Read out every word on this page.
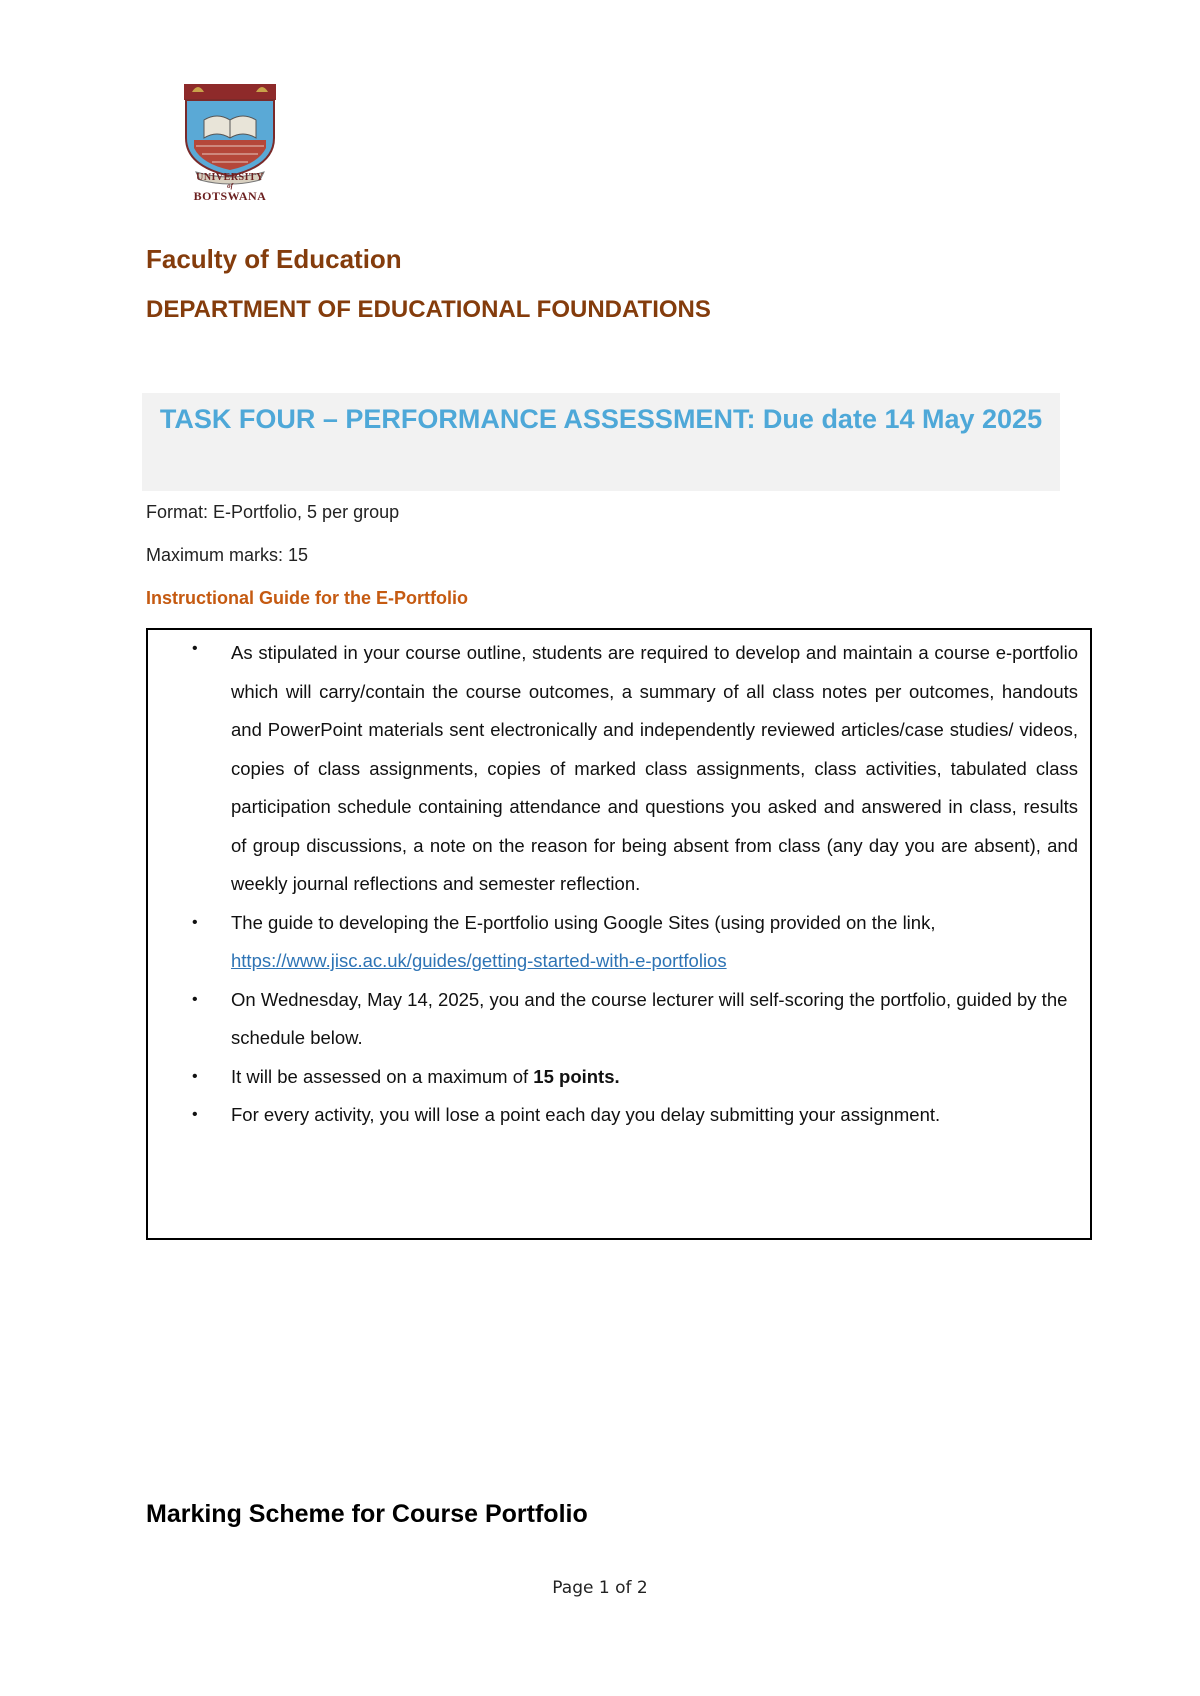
UNIVERSITY
of
BOTSWANA
Faculty of Education
DEPARTMENT OF EDUCATIONAL FOUNDATIONS
TASK FOUR – PERFORMANCE ASSESSMENT: Due date 14 May 2025
Format: E-Portfolio, 5 per group
Maximum marks: 15
Instructional Guide for the E-Portfolio
• As stipulated in your course outline, students are required to develop and maintain a course e-portfolio which will carry/contain the course outcomes, a summary of all class notes per outcomes, handouts and PowerPoint materials sent electronically and independently reviewed articles/case studies/ videos, copies of class assignments, copies of marked class assignments, class activities, tabulated class participation schedule containing attendance and questions you asked and answered in class, results of group discussions, a note on the reason for being absent from class (any day you are absent), and weekly journal reflections and semester reflection.
• The guide to developing the E-portfolio using Google Sites (using provided on the link,
https://www.jisc.ac.uk/guides/getting-started-with-e-portfolios
• On Wednesday, May 14, 2025, you and the course lecturer will self-scoring the portfolio, guided by the schedule below.
• It will be assessed on a maximum of 15 points.
• For every activity, you will lose a point each day you delay submitting your assignment.
Marking Scheme for Course Portfolio
Page 1 of 2
